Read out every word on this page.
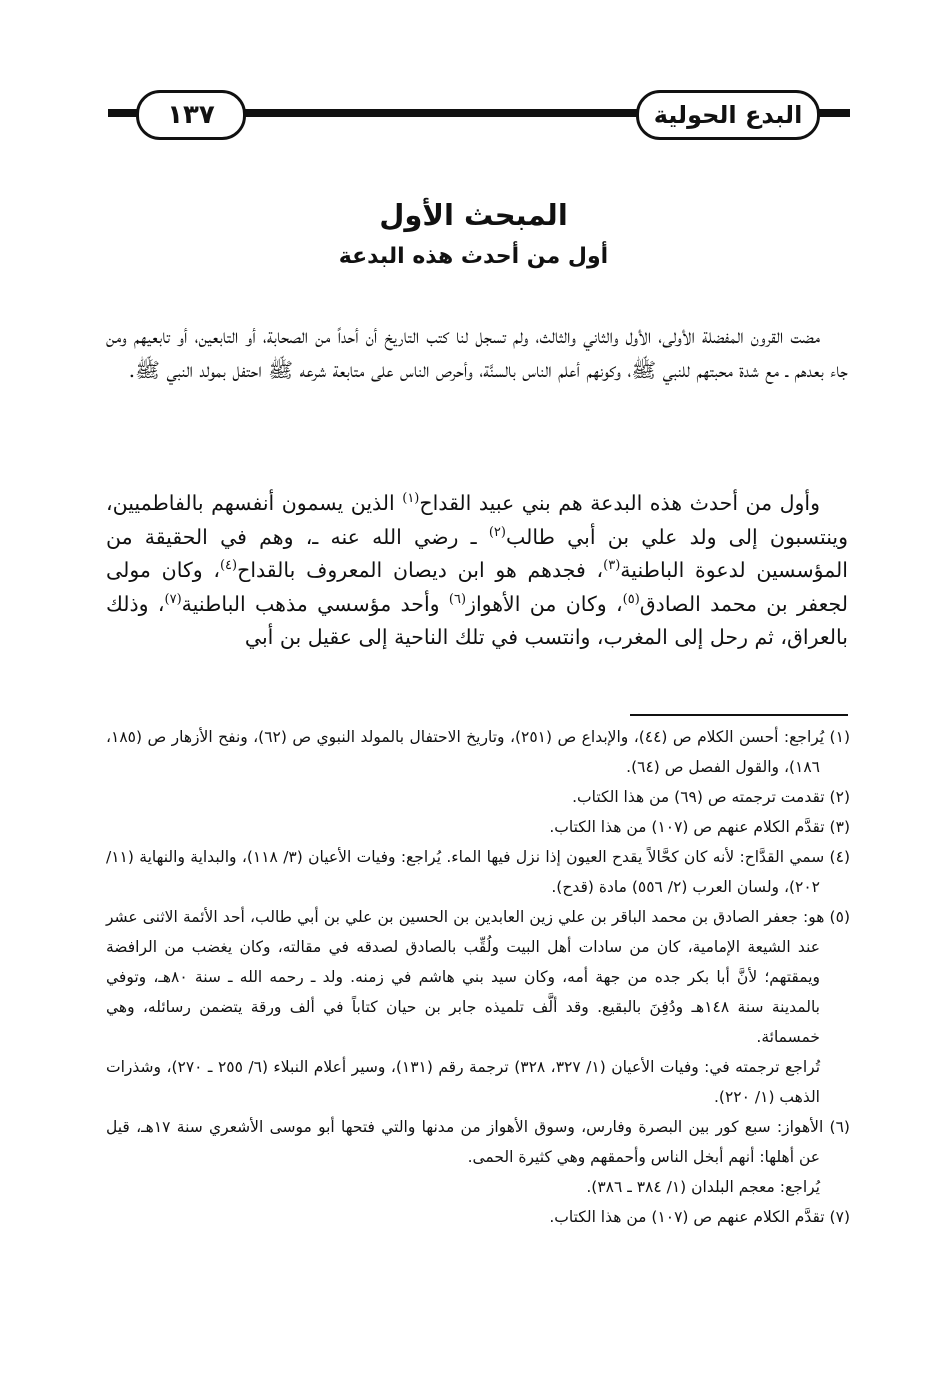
١٣٧	البدع الحولية
المبحث الأول
أول من أحدث هذه البدعة

مضت القرون المفضلة الأولى، الأول والثاني والثالث، ولم تسجل لنا كتب التاريخ أن أحداً من الصحابة، أو التابعين، أو تابعيهم ومن جاء بعدهم ـ مع شدة محبتهم للنبي ﷺ، وكونهم أعلم الناس بالسنَّة، وأحرص الناس على متابعة شرعه ﷺ احتفل بمولد النبي ﷺ.

وأول من أحدث هذه البدعة هم بني عبيد القداح$^{(١)}$ الذين يسمون أنفسهم بالفاطميين، وينتسبون إلى ولد علي بن أبي طالب$^{(٢)}$ ـ رضي الله عنه ـ، وهم في الحقيقة من المؤسسين لدعوة الباطنية$^{(٣)}$، فجدهم هو ابن ديصان المعروف بالقداح$^{(٤)}$، وكان مولى لجعفر بن محمد الصادق$^{(٥)}$، وكان من الأهواز$^{(٦)}$ وأحد مؤسسي مذهب الباطنية$^{(٧)}$، وذلك بالعراق، ثم رحل إلى المغرب، وانتسب في تلك الناحية إلى عقيل بن أبي

(١) يُراجع: أحسن الكلام ص (٤٤)، والإبداع ص (٢٥١)، وتاريخ الاحتفال بالمولد النبوي ص (٦٢)، ونفح الأزهار ص (١٨٥، ١٨٦)، والقول الفصل ص (٦٤).

(٢) تقدمت ترجمته ص (٦٩) من هذا الكتاب.

(٣) تقدَّم الكلام عنهم ص (١٠٧) من هذا الكتاب.

(٤) سمي القدَّاح: لأنه كان كحَّالاً يقدح العيون إذا نزل فيها الماء. يُراجع: وفيات الأعيان (٣/ ١١٨)، والبداية والنهاية (١١/ ٢٠٢)، ولسان العرب (٢/ ٥٥٦) مادة (قدح).

(٥) هو: جعفر الصادق بن محمد الباقر بن علي زين العابدين بن الحسين بن علي بن أبي طالب، أحد الأئمة الاثنى عشر عند الشيعة الإمامية، كان من سادات أهل البيت ولُقِّب بالصادق لصدقه في مقالته، وكان يغضب من الرافضة ويمقتهم؛ لأنَّ أبا بكر جده من جهة أمه، وكان سيد بني هاشم في زمنه. ولد ـ رحمه الله ـ سنة ٨٠هـ، وتوفي بالمدينة سنة ١٤٨هـ ودُفِنَ بالبقيع. وقد ألَّف تلميذه جابر بن حيان كتاباً في ألف ورقة يتضمن رسائله، وهي خمسمائة.

تُراجع ترجمته في: وفيات الأعيان (١/ ٣٢٧، ٣٢٨) ترجمة رقم (١٣١)، وسير أعلام النبلاء (٦/ ٢٥٥ ـ ٢٧٠)، وشذرات الذهب (١/ ٢٢٠).

(٦) الأهواز: سبع كور بين البصرة وفارس، وسوق الأهواز من مدنها والتي فتحها أبو موسى الأشعري سنة ١٧هـ، قيل عن أهلها: أنهم أبخل الناس وأحمقهم وهي كثيرة الحمى.

يُراجع: معجم البلدان (١/ ٣٨٤ ـ ٣٨٦).

(٧) تقدَّم الكلام عنهم ص (١٠٧) من هذا الكتاب.
